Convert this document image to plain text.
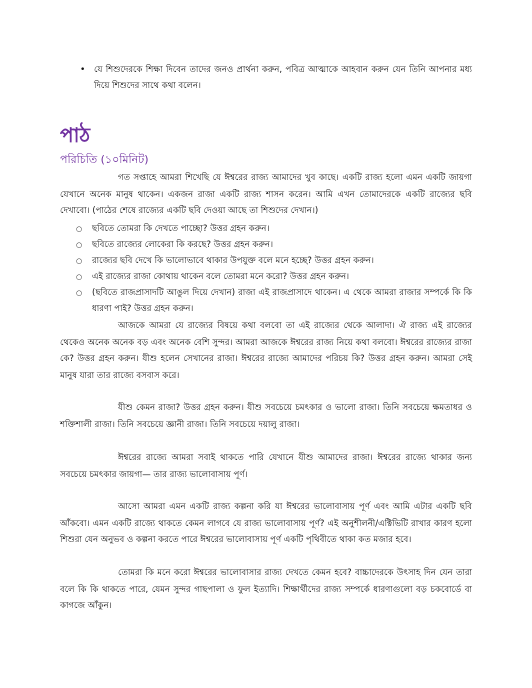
•	যে শিশুদেরকে শিক্ষা দিবেন তাদের জনও প্রার্থনা করুন, পবিত্র আত্মাকে আহবান করুন যেন তিনি আপনার মধ্য দিয়ে শিশুদের সাথে কথা বলেন।
পাঠ
পরিচিতি (১০মিনিট)
গত সপ্তাহে আমরা শিখেছি যে ঈশ্বরের রাজ্য আমাদের খুব কাছে। একটি রাজ্য হলো এমন একটি জায়গা যেখানে অনেক মানুষ থাকেন। একজন রাজা একটি রাজ্য শাসন করেন। আমি এখন তোমাদেরকে একটি রাজ্যের ছবি দেখাবো। (পাঠের শেষে রাজ্যের একটি ছবি দেওয়া আছে তা শিশুদের দেখান।)
○	ছবিতে তোমরা কি দেখতে পাচ্ছো? উত্তর গ্রহন করুন।
○	ছবিতে রাজ্যের লোকেরা কি করছে? উত্তর গ্রহন করুন।
○	রাজ্যের ছবি দেখে কি ভালোভাবে থাকার উপযুক্ত বলে মনে হচ্ছে? উত্তর গ্রহন করুন।
○	এই রাজ্যের রাজা কোথায় থাকেন বলে তোমরা মনে করো? উত্তর গ্রহন করুন।
○	(ছবিতে রাজপ্রাসাদটি আঙুল দিয়ে দেখান) রাজা এই রাজপ্রাসাদে থাকেন। এ থেকে আমরা রাজার সম্পর্কে কি কি ধারণা পাই? উত্তর গ্রহন করুন।
আজকে আমরা যে রাজ্যের বিষয়ে কথা বলবো তা এই রাজ্যের থেকে আলাদা। ঐ রাজ্য এই রাজ্যের থেকেও অনেক অনেক বড় এবং অনেক বেশি সুন্দর। আমরা আজকে ঈশ্বরের রাজ্য নিয়ে কথা বলবো। ঈশ্বরের রাজ্যের রাজা কে? উত্তর গ্রহন করুন। যীশু হলেন সেখানের রাজা। ঈশ্বরের রাজ্যে আমাদের পরিচয় কি? উত্তর গ্রহন করুন। আমরা সেই মানুষ যারা তার রাজ্যে বসবাস করে।
যীশু কেমন রাজা? উত্তর গ্রহন করুন। যীশু সবচেয়ে চমৎকার ও ভালো রাজা। তিনি সবচেয়ে ক্ষমতাধর ও শক্তিশালী রাজা। তিনি সবচেয়ে জ্ঞানী রাজা। তিনি সবচেয়ে দয়ালু রাজা।
ঈশ্বরের রাজ্যে আমরা সবাই থাকতে পারি যেখানে যীশু আমাদের রাজা। ঈশ্বরের রাজ্যে থাকার জন্য সবচেয়ে চমৎকার জায়গা— তার রাজ্য ভালোবাসায় পূর্ণ।
আসো আমরা এমন একটি রাজ্য কল্পনা করি যা ঈশ্বরের ভালোবাসায় পূর্ণ এবং আমি এটার একটি ছবি আঁকবো। এমন একটি রাজ্যে থাকতে কেমন লাগবে যে রাজ্য ভালোবাসায় পূর্ণ? এই অনুশীলনী/এক্টিভিটি রাখার কারণ হলো শিশুরা যেন অনুভব ও কল্পনা করতে পারে ঈশ্বরের ভালোবাসায় পূর্ণ একটি পৃথিবীতে থাকা কত মজার হবে।
তোমরা কি মনে করো ঈশ্বরের ভালোবাসার রাজ্য দেখতে কেমন হবে? বাচ্চাদেরকে উৎসাহ দিন যেন তারা বলে কি কি থাকতে পারে, যেমন সুন্দর গাছপালা ও ফুল ইত্যাদি। শিক্ষার্থীদের রাজ্য সম্পর্কে ধারণাগুলো বড় চকবোর্ডে বা কাগজে আঁকুন।
